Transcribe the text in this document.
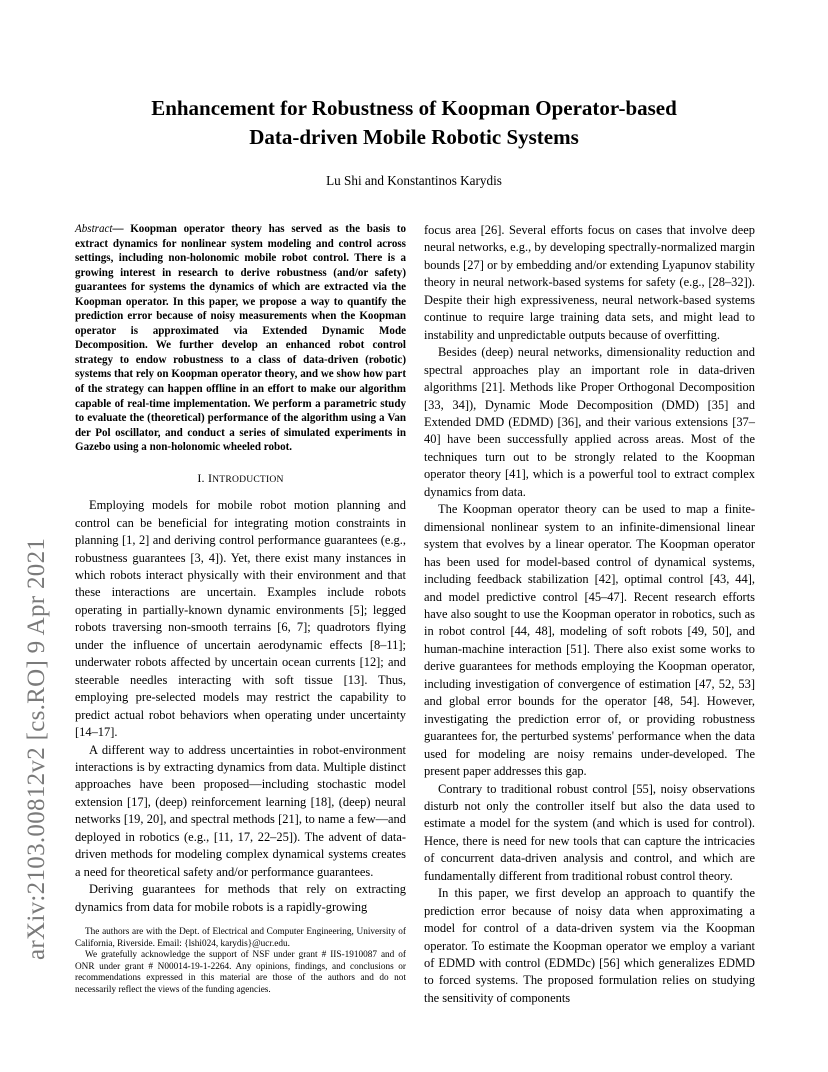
arXiv:2103.00812v2 [cs.RO] 9 Apr 2021
Enhancement for Robustness of Koopman Operator-based
Data-driven Mobile Robotic Systems
Lu Shi and Konstantinos Karydis

Abstract— Koopman operator theory has served as the basis to extract dynamics for nonlinear system modeling and control across settings, including non-holonomic mobile robot control. There is a growing interest in research to derive robustness (and/or safety) guarantees for systems the dynamics of which are extracted via the Koopman operator. In this paper, we propose a way to quantify the prediction error because of noisy measurements when the Koopman operator is approximated via Extended Dynamic Mode Decomposition. We further develop an enhanced robot control strategy to endow robustness to a class of data-driven (robotic) systems that rely on Koopman operator theory, and we show how part of the strategy can happen offline in an effort to make our algorithm capable of real-time implementation. We perform a parametric study to evaluate the (theoretical) performance of the algorithm using a Van der Pol oscillator, and conduct a series of simulated experiments in Gazebo using a non-holonomic wheeled robot.

I. INTRODUCTION

Employing models for mobile robot motion planning and control can be beneficial for integrating motion constraints in planning [1, 2] and deriving control performance guarantees (e.g., robustness guarantees [3, 4]). Yet, there exist many instances in which robots interact physically with their environment and that these interactions are uncertain. Examples include robots operating in partially-known dynamic environments [5]; legged robots traversing non-smooth terrains [6, 7]; quadrotors flying under the influence of uncertain aerodynamic effects [8–11]; underwater robots affected by uncertain ocean currents [12]; and steerable needles interacting with soft tissue [13]. Thus, employing pre-selected models may restrict the capability to predict actual robot behaviors when operating under uncertainty [14–17].

A different way to address uncertainties in robot-environment interactions is by extracting dynamics from data. Multiple distinct approaches have been proposed—including stochastic model extension [17], (deep) reinforcement learning [18], (deep) neural networks [19, 20], and spectral methods [21], to name a few—and deployed in robotics (e.g., [11, 17, 22–25]). The advent of data-driven methods for modeling complex dynamical systems creates a need for theoretical safety and/or performance guarantees.

Deriving guarantees for methods that rely on extracting dynamics from data for mobile robots is a rapidly-growing

The authors are with the Dept. of Electrical and Computer Engineering, University of California, Riverside. Email: {lshi024, karydis}@ucr.edu.

We gratefully acknowledge the support of NSF under grant # IIS-1910087 and of ONR under grant # N00014-19-1-2264. Any opinions, findings, and conclusions or recommendations expressed in this material are those of the authors and do not necessarily reflect the views of the funding agencies.

focus area [26]. Several efforts focus on cases that involve deep neural networks, e.g., by developing spectrally-normalized margin bounds [27] or by embedding and/or extending Lyapunov stability theory in neural network-based systems for safety (e.g., [28–32]). Despite their high expressiveness, neural network-based systems continue to require large training data sets, and might lead to instability and unpredictable outputs because of overfitting.

Besides (deep) neural networks, dimensionality reduction and spectral approaches play an important role in data-driven algorithms [21]. Methods like Proper Orthogonal Decomposition [33, 34]), Dynamic Mode Decomposition (DMD) [35] and Extended DMD (EDMD) [36], and their various extensions [37–40] have been successfully applied across areas. Most of the techniques turn out to be strongly related to the Koopman operator theory [41], which is a powerful tool to extract complex dynamics from data.

The Koopman operator theory can be used to map a finite-dimensional nonlinear system to an infinite-dimensional linear system that evolves by a linear operator. The Koopman operator has been used for model-based control of dynamical systems, including feedback stabilization [42], optimal control [43, 44], and model predictive control [45–47]. Recent research efforts have also sought to use the Koopman operator in robotics, such as in robot control [44, 48], modeling of soft robots [49, 50], and human-machine interaction [51]. There also exist some works to derive guarantees for methods employing the Koopman operator, including investigation of convergence of estimation [47, 52, 53] and global error bounds for the operator [48, 54]. However, investigating the prediction error of, or providing robustness guarantees for, the perturbed systems' performance when the data used for modeling are noisy remains under-developed. The present paper addresses this gap.

Contrary to traditional robust control [55], noisy observations disturb not only the controller itself but also the data used to estimate a model for the system (and which is used for control). Hence, there is need for new tools that can capture the intricacies of concurrent data-driven analysis and control, and which are fundamentally different from traditional robust control theory.

In this paper, we first develop an approach to quantify the prediction error because of noisy data when approximating a model for control of a data-driven system via the Koopman operator. To estimate the Koopman operator we employ a variant of EDMD with control (EDMDc) [56] which generalizes EDMD to forced systems. The proposed formulation relies on studying the sensitivity of components
